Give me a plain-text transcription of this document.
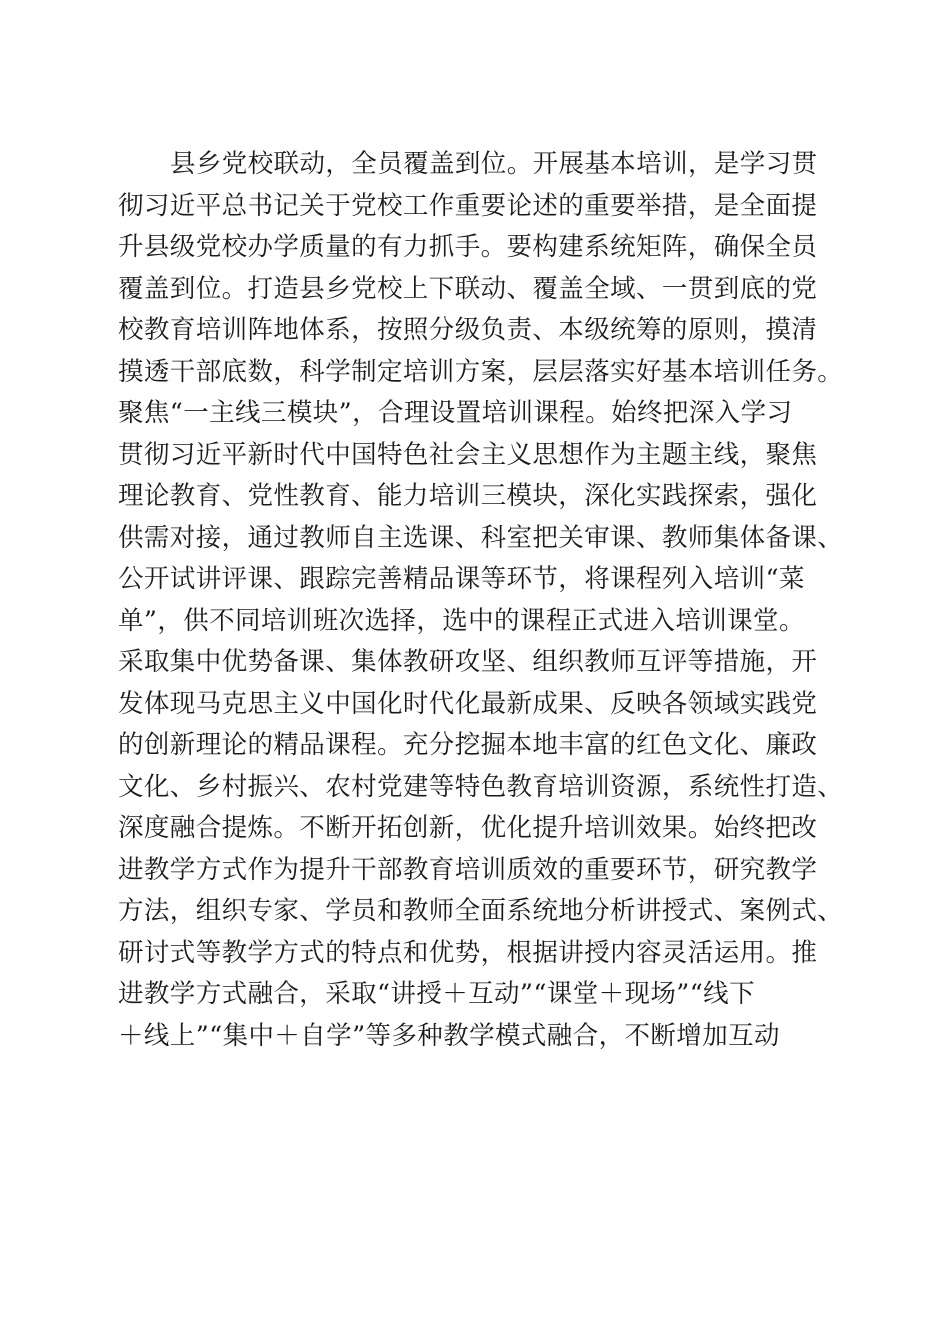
县乡党校联动，全员覆盖到位。开展基本培训，是学习贯
彻习近平总书记关于党校工作重要论述的重要举措，是全面提
升县级党校办学质量的有力抓手。要构建系统矩阵，确保全员
覆盖到位。打造县乡党校上下联动、覆盖全域、一贯到底的党
校教育培训阵地体系，按照分级负责、本级统筹的原则，摸清
摸透干部底数，科学制定培训方案，层层落实好基本培训任务。
聚焦“一主线三模块”，合理设置培训课程。始终把深入学习
贯彻习近平新时代中国特色社会主义思想作为主题主线，聚焦
理论教育、党性教育、能力培训三模块，深化实践探索，强化
供需对接，通过教师自主选课、科室把关审课、教师集体备课、
公开试讲评课、跟踪完善精品课等环节，将课程列入培训“菜
单”，供不同培训班次选择，选中的课程正式进入培训课堂。
采取集中优势备课、集体教研攻坚、组织教师互评等措施，开
发体现马克思主义中国化时代化最新成果、反映各领域实践党
的创新理论的精品课程。充分挖掘本地丰富的红色文化、廉政
文化、乡村振兴、农村党建等特色教育培训资源，系统性打造、
深度融合提炼。不断开拓创新，优化提升培训效果。始终把改
进教学方式作为提升干部教育培训质效的重要环节，研究教学
方法，组织专家、学员和教师全面系统地分析讲授式、案例式、
研讨式等教学方式的特点和优势，根据讲授内容灵活运用。推
进教学方式融合，采取“讲授＋互动”“课堂＋现场”“线下
＋线上”“集中＋自学”等多种教学模式融合，不断增加互动
